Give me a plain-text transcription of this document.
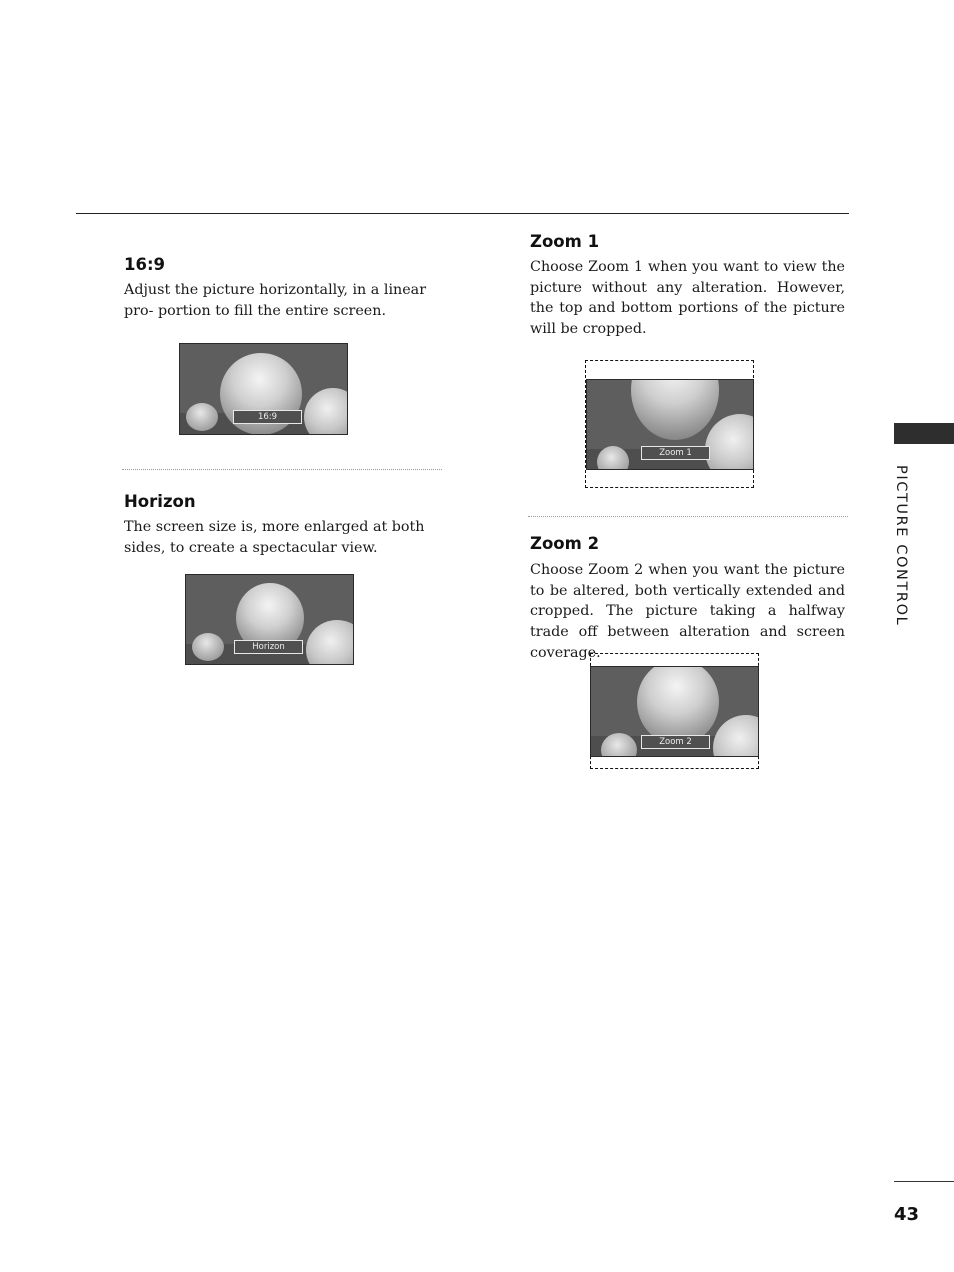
16:9

Adjust the picture horizontally, in a linear pro- portion to fill the entire screen.

16:9
Horizon

The screen size is, more enlarged at both sides, to create a spectacular view.

Horizon
Zoom 1

Choose Zoom 1 when you want to view the picture without any alteration. However, the top and bottom portions of the picture will be cropped.

Zoom 1
Zoom 2

Choose Zoom 2 when you want the picture to be altered, both vertically extended and cropped. The picture taking a halfway trade off between alteration and screen coverage.

Zoom 2
PICTURE CONTROL
43
